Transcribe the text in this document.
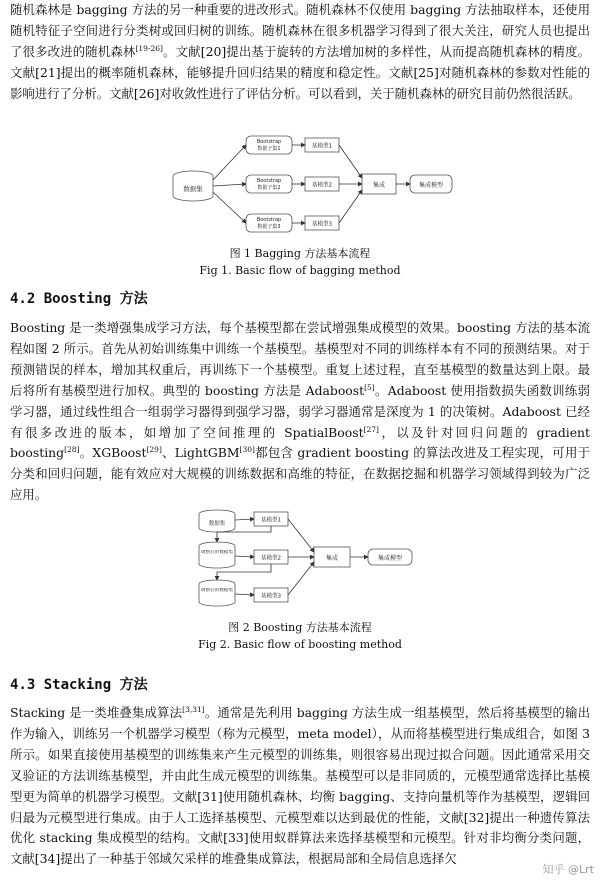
随机森林是 bagging 方法的另一种重要的进改形式。随机森林不仅使用 bagging 方法抽取样本，还使用随机特征子空间进行分类树或回归树的训练。随机森林在很多机器学习得到了很大关注，研究人员也提出了很多改进的随机森林[19-26]。文献[20]提出基于旋转的方法增加树的多样性，从而提高随机森林的精度。文献[21]提出的概率随机森林，能够提升回归结果的精度和稳定性。文献[25]对随机森林的参数对性能的影响进行了分析。文献[26]对收敛性进行了评估分析。可以看到，关于随机森林的研究目前仍然很活跃。

数据集
Bootstrap
数据子集1
Bootstrap
数据子集2
Bootstrap
数据子集3
基模型1
基模型2
基模型3
集成	集成模型
图 1 Bagging 方法基本流程
Fig 1. Basic flow of bagging method
4.2 Boosting 方法

Boosting 是一类增强集成学习方法，每个基模型都在尝试增强集成模型的效果。boosting 方法的基本流程如图 2 所示。首先从初始训练集中训练一个基模型。基模型对不同的训练样本有不同的预测结果。对于预测错误的样本，增加其权重后，再训练下一个基模型。重复上述过程，直至基模型的数量达到上限。最后将所有基模型进行加权。典型的 boosting 方法是 Adaboost[5]。Adaboost 使用指数损失函数训练弱学习器，通过线性组合一组弱学习器得到强学习器，弱学习器通常是深度为 1 的决策树。Adaboost 已经有很多改进的版本，如增加了空间推理的 SpatialBoost[27]，以及针对回归问题的 gradient boosting[28]。XGBoost[29]、LightGBM[30]都包含 gradient boosting 的算法改进及工程实现，可用于分类和回归问题，能有效应对大规模的训练数据和高维的特征，在数据挖掘和机器学习领域得到较为广泛应用。

数据集
调整后的数据集
调整后的数据集
基模型1
基模型2
基模型3
集成	集成模型
图 2 Boosting 方法基本流程
Fig 2. Basic flow of boosting method
4.3 Stacking 方法

Stacking 是一类堆叠集成算法[3,31]。通常是先利用 bagging 方法生成一组基模型，然后将基模型的输出作为输入，训练另一个机器学习模型（称为元模型，meta model），从而将基模型进行集成组合，如图 3 所示。如果直接使用基模型的训练集来产生元模型的训练集，则很容易出现过拟合问题。因此通常采用交叉验证的方法训练基模型，并由此生成元模型的训练集。基模型可以是非同质的，元模型通常选择比基模型更为简单的机器学习模型。文献[31]使用随机森林、均衡 bagging、支持向量机等作为基模型，逻辑回归最为元模型进行集成。由于人工选择基模型、元模型难以达到最优的性能，文献[32]提出一种遗传算法优化 stacking 集成模型的结构。文献[33]使用蚁群算法来选择基模型和元模型。针对非均衡分类问题，文献[34]提出了一种基于邻域欠采样的堆叠集成算法，根据局部和全局信息选择欠

知乎 @Lrt
